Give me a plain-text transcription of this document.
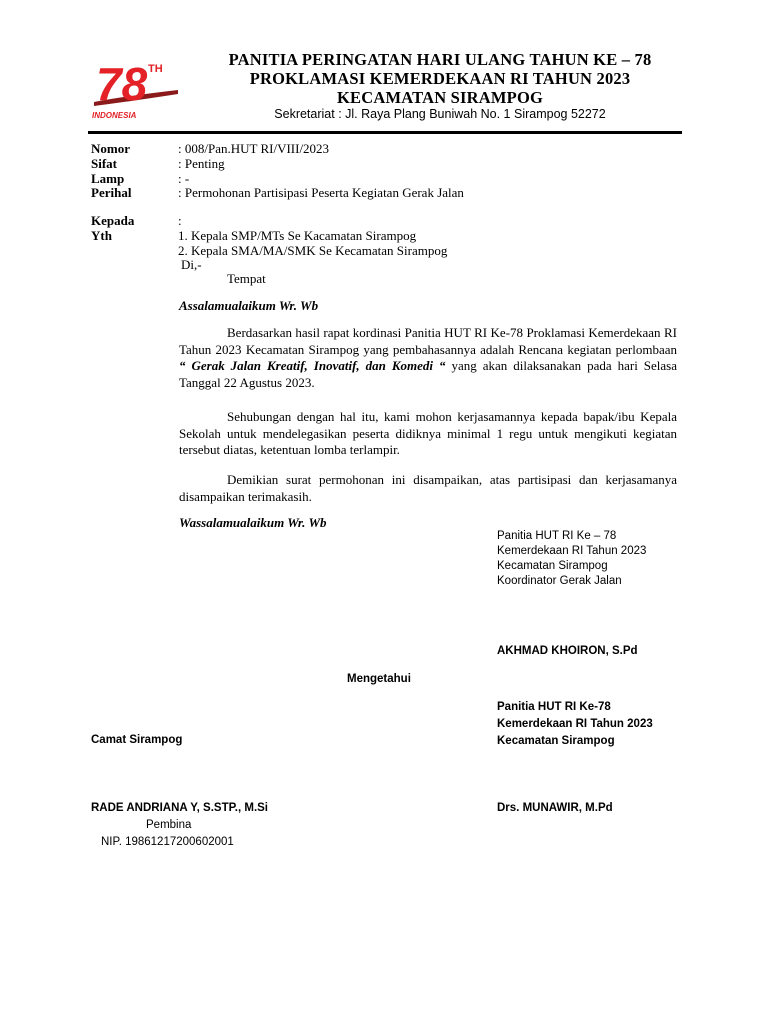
78 TH
INDONESIA
PANITIA PERINGATAN HARI ULANG TAHUN KE – 78
PROKLAMASI KEMERDEKAAN RI TAHUN 2023
KECAMATAN SIRAMPOG
Sekretariat : Jl. Raya Plang Buniwah No. 1 Sirampog 52272
Nomor	: 008/Pan.HUT RI/VIII/2023
Sifat	: Penting
Lamp	: -
Perihal	: Permohonan Partisipasi Peserta Kegiatan Gerak Jalan
Kepada	:
Yth	1. Kepala SMP/MTs Se Kacamatan Sirampog
2. Kepala SMA/MA/SMK Se Kecamatan Sirampog
Di,-
Tempat
Assalamualaikum Wr. Wb
Berdasarkan hasil rapat kordinasi Panitia HUT RI Ke-78 Proklamasi Kemerdekaan RI Tahun 2023 Kecamatan Sirampog yang pembahasannya adalah Rencana kegiatan perlombaan “ Gerak Jalan Kreatif, Inovatif, dan Komedi “ yang akan dilaksanakan pada hari Selasa Tanggal 22 Agustus 2023.
Sehubungan dengan hal itu, kami mohon kerjasamannya kepada bapak/ibu Kepala Sekolah untuk mendelegasikan peserta didiknya minimal 1 regu untuk mengikuti kegiatan tersebut diatas, ketentuan lomba terlampir.
Demikian surat permohonan ini disampaikan, atas partisipasi dan kerjasamanya disampaikan terimakasih.
Wassalamualaikum Wr. Wb
Panitia HUT RI Ke – 78
Kemerdekaan RI Tahun 2023
Kecamatan Sirampog
Koordinator Gerak Jalan
AKHMAD KHOIRON, S.Pd
Mengetahui
Panitia HUT RI Ke-78
Kemerdekaan RI Tahun 2023
Kecamatan Sirampog
Camat Sirampog
RADE ANDRIANA Y, S.STP., M.Si	Drs. MUNAWIR, M.Pd
Pembina
NIP. 19861217200602001
